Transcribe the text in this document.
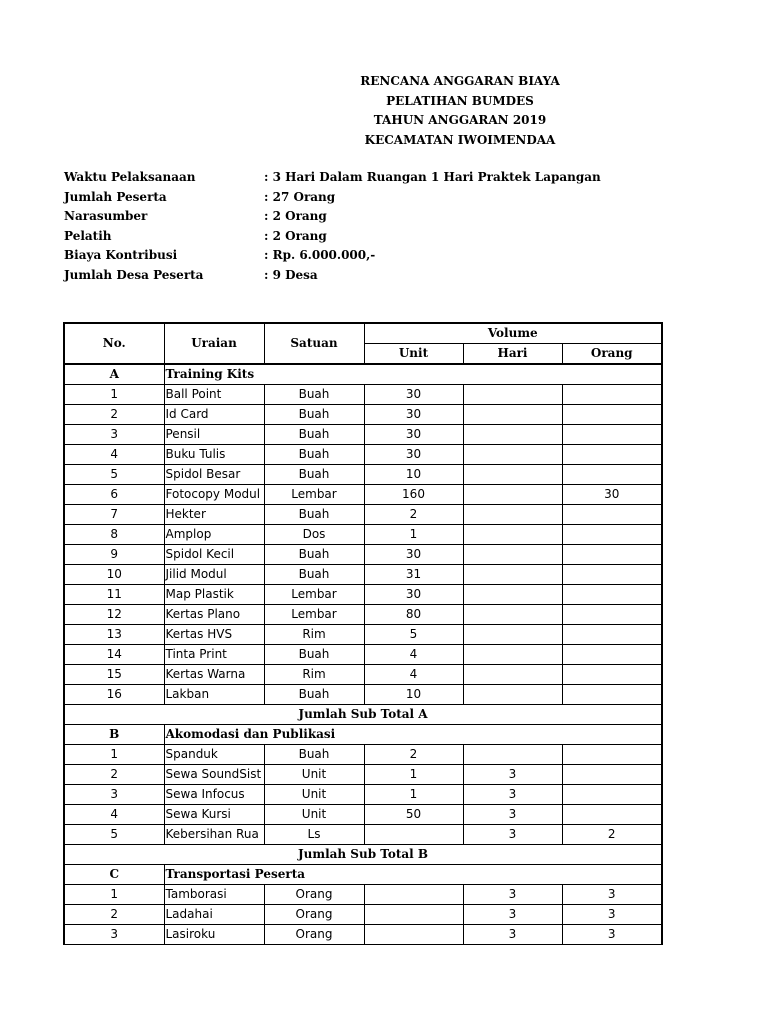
RENCANA ANGGARAN BIAYA
PELATIHAN BUMDES
TAHUN ANGGARAN 2019
KECAMATAN IWOIMENDAA
Waktu Pelaksanaan	: 3 Hari Dalam Ruangan 1 Hari Praktek Lapangan
Jumlah Peserta	: 27 Orang
Narasumber	: 2 Orang
Pelatih	: 2 Orang
Biaya Kontribusi	: Rp. 6.000.000,-
Jumlah Desa Peserta	: 9 Desa
No.	Uraian	Satuan	Volume		
			Unit	Hari	Orang
A	Training Kits				
1	Ball Point	Buah	30		
2	Id Card	Buah	30		
3	Pensil	Buah	30		
4	Buku Tulis	Buah	30		
5	Spidol Besar	Buah	10		
6	Fotocopy Modul	Lembar	160		30
7	Hekter	Buah	2		
8	Amplop	Dos	1		
9	Spidol Kecil	Buah	30		
10	Jilid Modul	Buah	31		
11	Map Plastik	Lembar	30		
12	Kertas Plano	Lembar	80		
13	Kertas HVS	Rim	5		
14	Tinta Print	Buah	4		
15	Kertas Warna	Rim	4		
16	Lakban	Buah	10		
Jumlah Sub Total A					
B	Akomodasi dan Publikasi				
1	Spanduk	Buah	2		
2	Sewa SoundSist	Unit	1	3	
3	Sewa Infocus	Unit	1	3	
4	Sewa Kursi	Unit	50	3	
5	Kebersihan Rua	Ls		3	2
Jumlah Sub Total B					
C	Transportasi Peserta				
1	Tamborasi	Orang		3	3
2	Ladahai	Orang		3	3
3	Lasiroku	Orang		3	3
